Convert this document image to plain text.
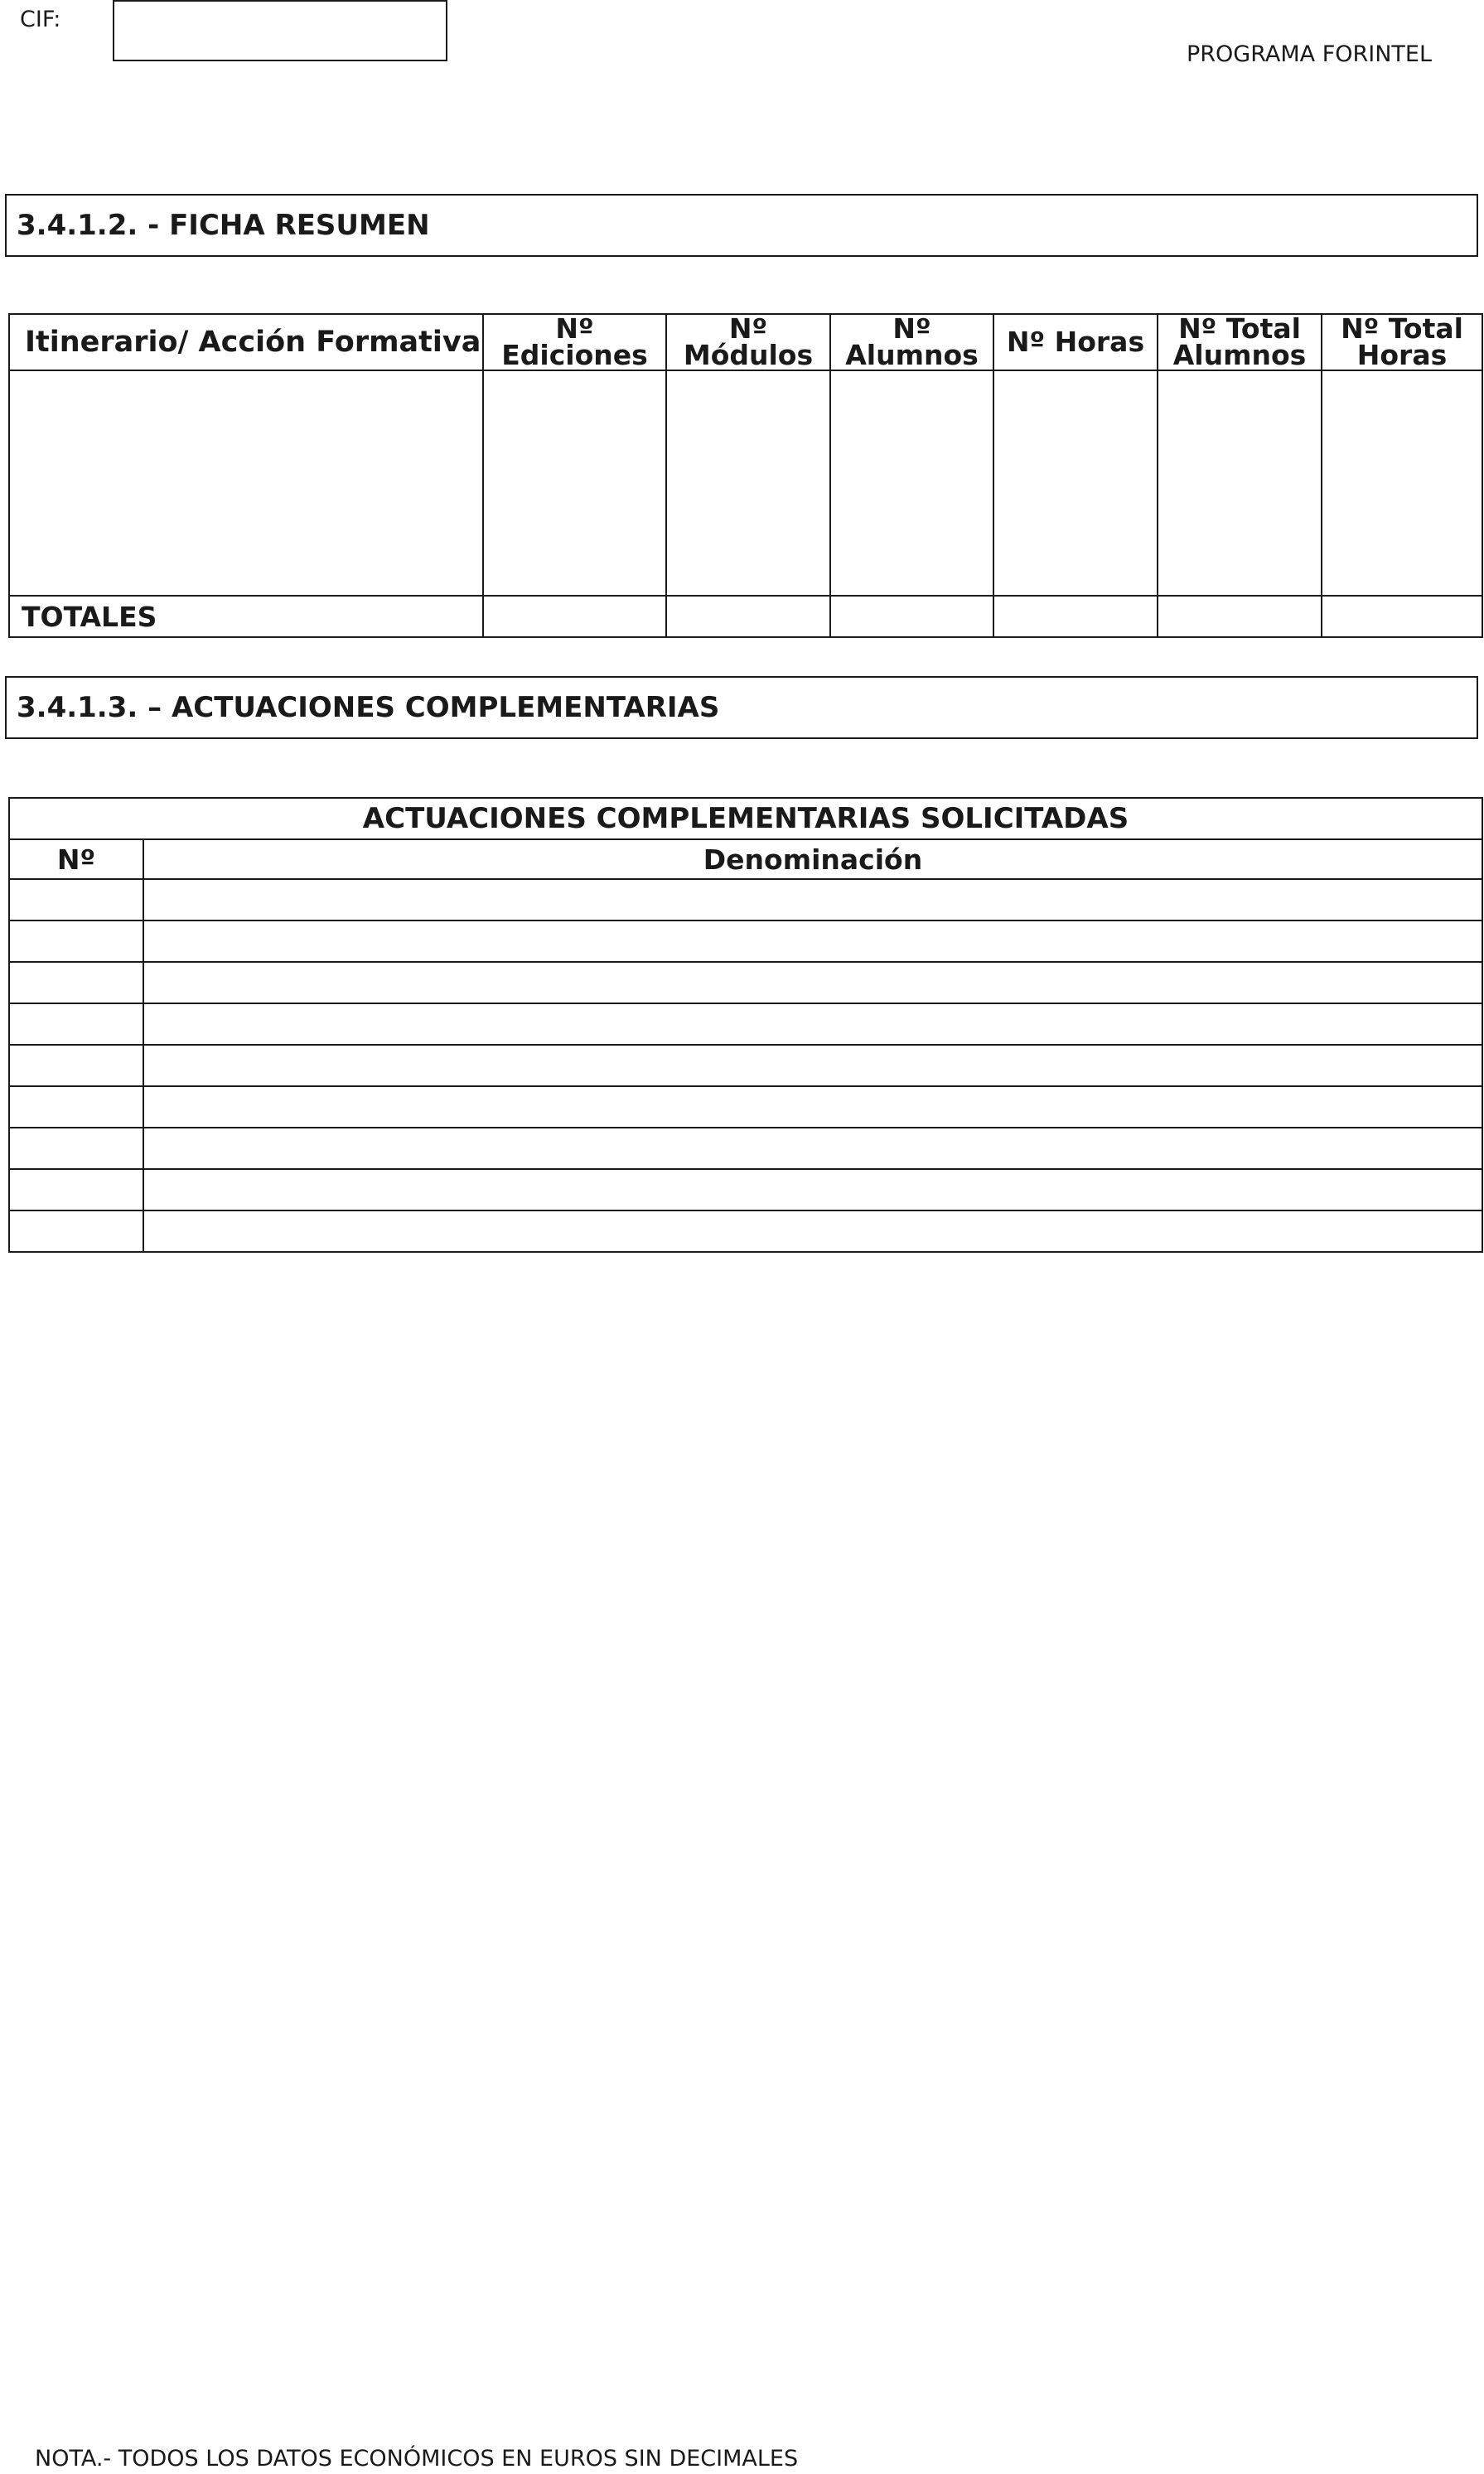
CIF:
PROGRAMA FORINTEL
3.4.1.2. - FICHA RESUMEN
Itinerario/ Acción Formativa	Nº Ediciones	Nº Módulos	Nº Alumnos	Nº Horas	Nº Total Alumnos	Nº Total Horas

TOTALES						
3.4.1.3. – ACTUACIONES COMPLEMENTARIAS
ACTUACIONES COMPLEMENTARIAS SOLICITADAS	
Nº	Denominación

NOTA.- TODOS LOS DATOS ECONÓMICOS EN EUROS SIN DECIMALES
